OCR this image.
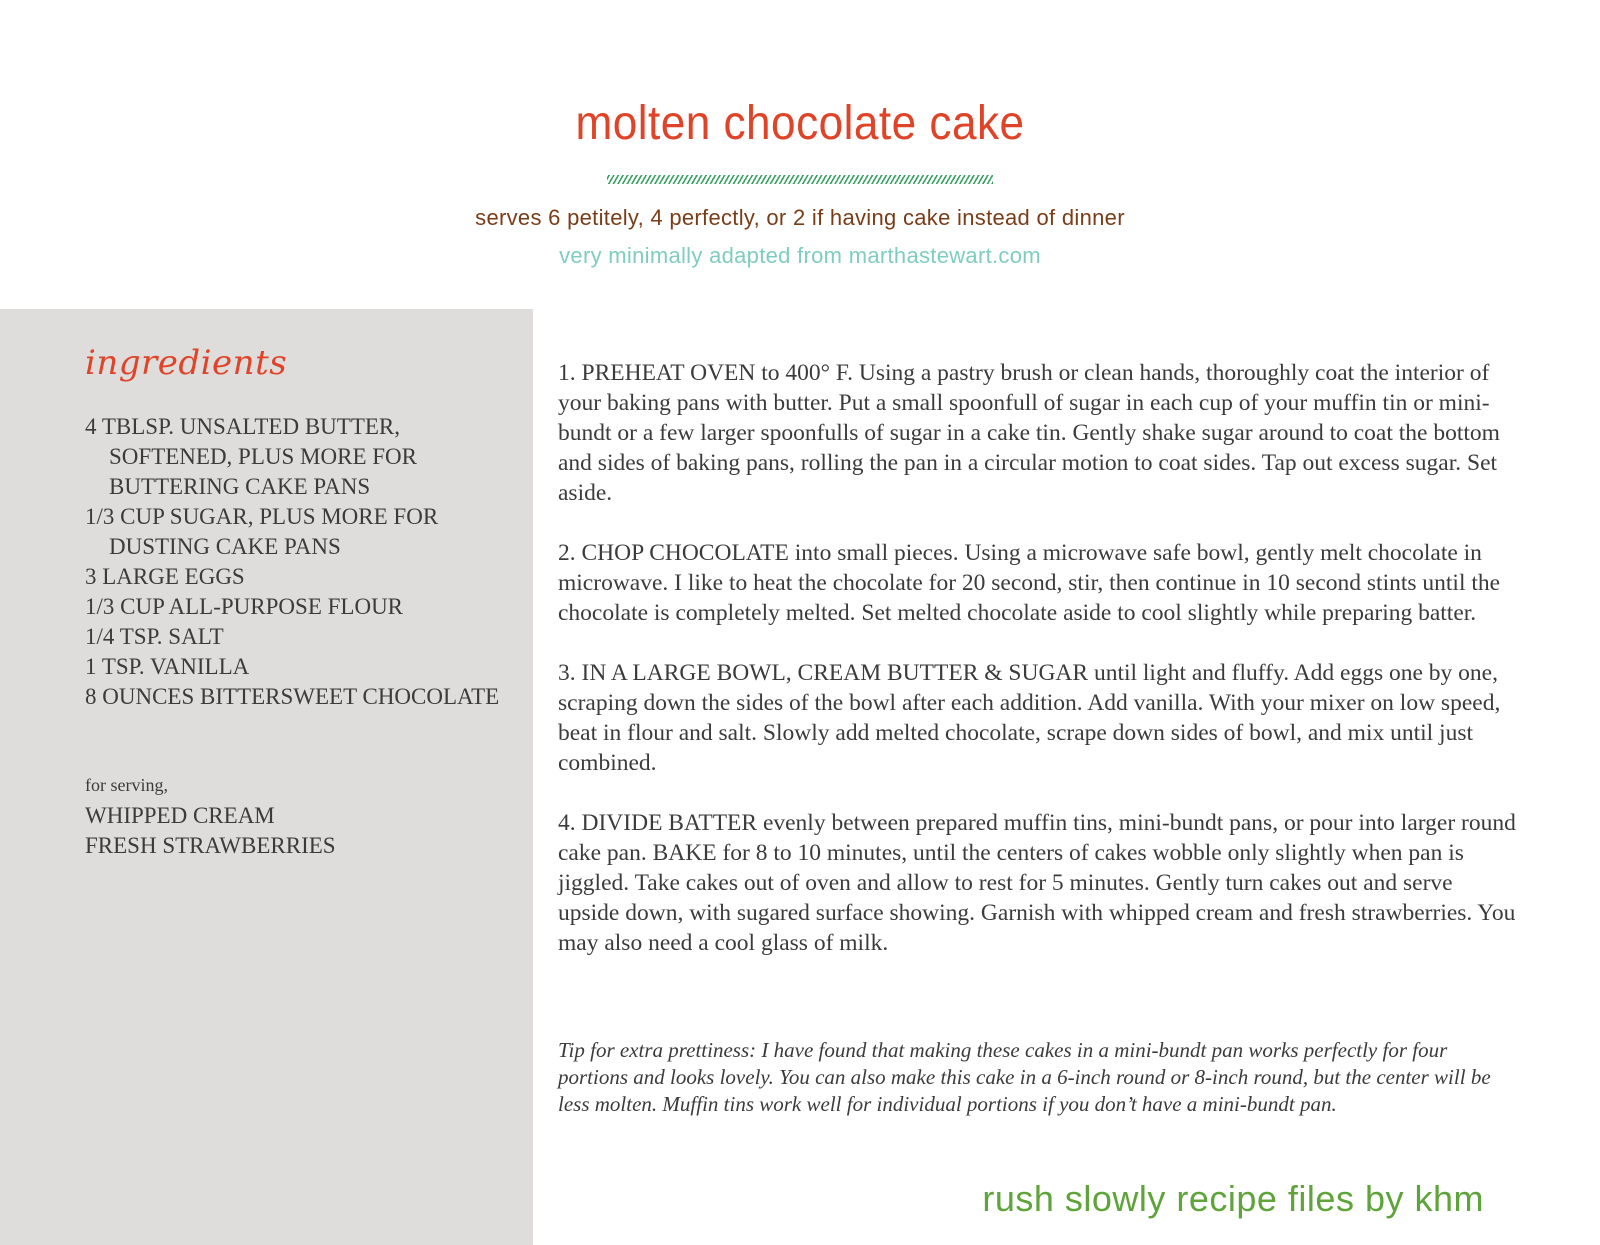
molten chocolate cake
serves 6 petitely, 4 perfectly, or 2 if having cake instead of dinner
very minimally adapted from marthastewart.com
ingredients
4 TBLSP. UNSALTED BUTTER, SOFTENED, PLUS MORE FOR BUTTERING CAKE PANS
1/3 CUP SUGAR, PLUS MORE FOR DUSTING CAKE PANS
3 LARGE EGGS
1/3 CUP ALL-PURPOSE FLOUR
1/4 TSP. SALT
1 TSP. VANILLA
8 OUNCES BITTERSWEET CHOCOLATE
for serving,
WHIPPED CREAM
FRESH STRAWBERRIES

1. PREHEAT OVEN to 400° F. Using a pastry brush or clean hands, thoroughly coat the interior of your baking pans with butter. Put a small spoonfull of sugar in each cup of your muffin tin or mini-bundt or a few larger spoonfulls of sugar in a cake tin. Gently shake sugar around to coat the bottom and sides of baking pans, rolling the pan in a circular motion to coat sides. Tap out excess sugar. Set aside.

2. CHOP CHOCOLATE into small pieces. Using a microwave safe bowl, gently melt chocolate in microwave. I like to heat the chocolate for 20 second, stir, then continue in 10 second stints until the chocolate is completely melted. Set melted chocolate aside to cool slightly while preparing batter.

3. IN A LARGE BOWL, CREAM BUTTER & SUGAR until light and fluffy. Add eggs one by one, scraping down the sides of the bowl after each addition. Add vanilla. With your mixer on low speed, beat in flour and salt. Slowly add melted chocolate, scrape down sides of bowl, and mix until just combined.

4. DIVIDE BATTER evenly between prepared muffin tins, mini-bundt pans, or pour into larger round cake pan. BAKE for 8 to 10 minutes, until the centers of cakes wobble only slightly when pan is jiggled. Take cakes out of oven and allow to rest for 5 minutes. Gently turn cakes out and serve upside down, with sugared surface showing. Garnish with whipped cream and fresh strawberries. You may also need a cool glass of milk.

Tip for extra prettiness: I have found that making these cakes in a mini-bundt pan works perfectly for four portions and looks lovely. You can also make this cake in a 6-inch round or 8-inch round, but the center will be less molten. Muffin tins work well for individual portions if you don’t have a mini-bundt pan.

rush slowly recipe files by khm
